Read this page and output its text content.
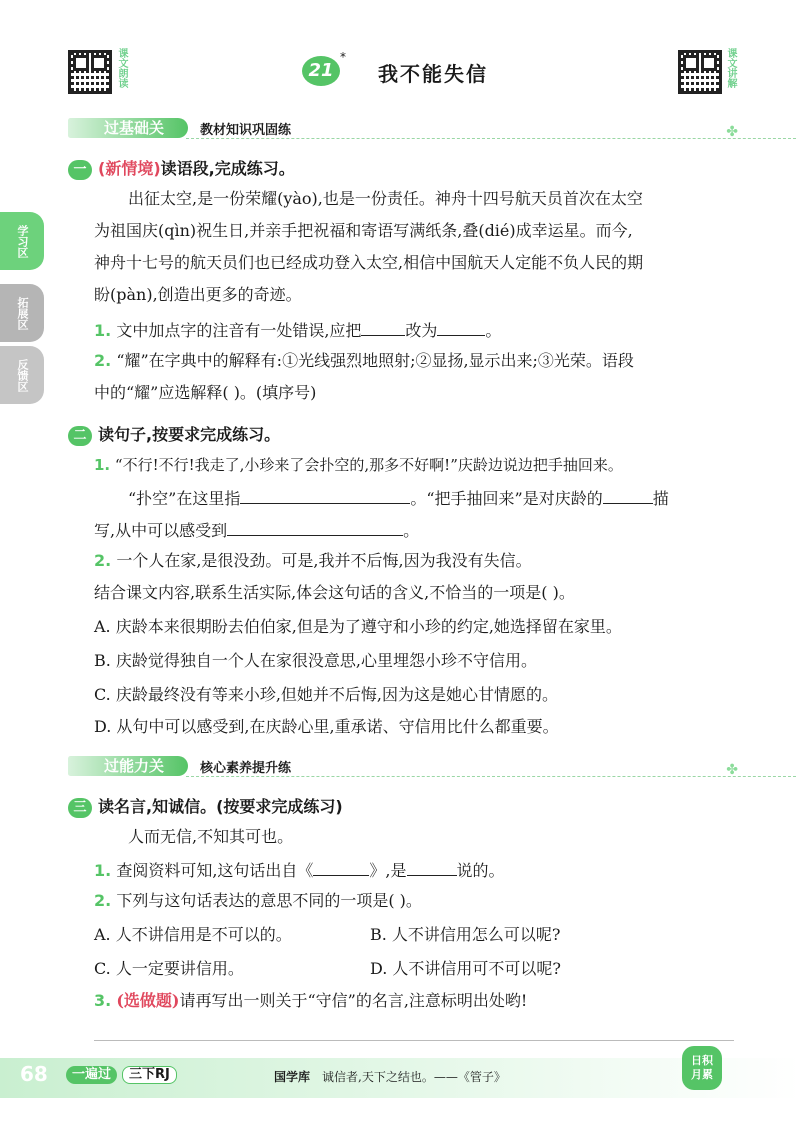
课文朗读	21
*
我不能失信	课文讲解
学习区
拓展区
反馈区
过基础关	教材知识巩固练	✤
一 (新情境)读语段,完成练习。
出征太空,是一份荣耀(yào),也是一份责任。神舟十四号航天员首次在太空
为祖国庆(qìn)祝生日,并亲手把祝福和寄语写满纸条,叠(dié)成幸运星。而今,
神舟十七号的航天员们也已经成功登入太空,相信中国航天人定能不负人民的期
盼(pàn),创造出更多的奇迹。
1. 文中加点字的注音有一处错误,应把	改为	。
2. “耀”在字典中的解释有:①光线强烈地照射;②显扬,显示出来;③光荣。语段
中的“耀”应选解释( )。(填序号)
二 读句子,按要求完成练习。
1. “不行!不行!我走了,小珍来了会扑空的,那多不好啊!”庆龄边说边把手抽回来。
“扑空”在这里指	。“把手抽回来”是对庆龄的	描
写,从中可以感受到	。
2. 一个人在家,是很没劲。可是,我并不后悔,因为我没有失信。
结合课文内容,联系生活实际,体会这句话的含义,不恰当的一项是( )。
A. 庆龄本来很期盼去伯伯家,但是为了遵守和小珍的约定,她选择留在家里。
B. 庆龄觉得独自一个人在家很没意思,心里埋怨小珍不守信用。
C. 庆龄最终没有等来小珍,但她并不后悔,因为这是她心甘情愿的。
D. 从句中可以感受到,在庆龄心里,重承诺、守信用比什么都重要。
过能力关	核心素养提升练	✤
三 读名言,知诚信。(按要求完成练习)
人而无信,不知其可也。
1. 查阅资料可知,这句话出自《	》,是	说的。
2. 下列与这句话表达的意思不同的一项是( )。
A. 人不讲信用是不可以的。	B. 人不讲信用怎么可以呢?
C. 人一定要讲信用。	D. 人不讲信用可不可以呢?
3. (选做题)请再写出一则关于“守信”的名言,注意标明出处哟!
68	一遍过	三下RJ	国学库 诚信者,天下之结也。——《管子》
日积
月累
